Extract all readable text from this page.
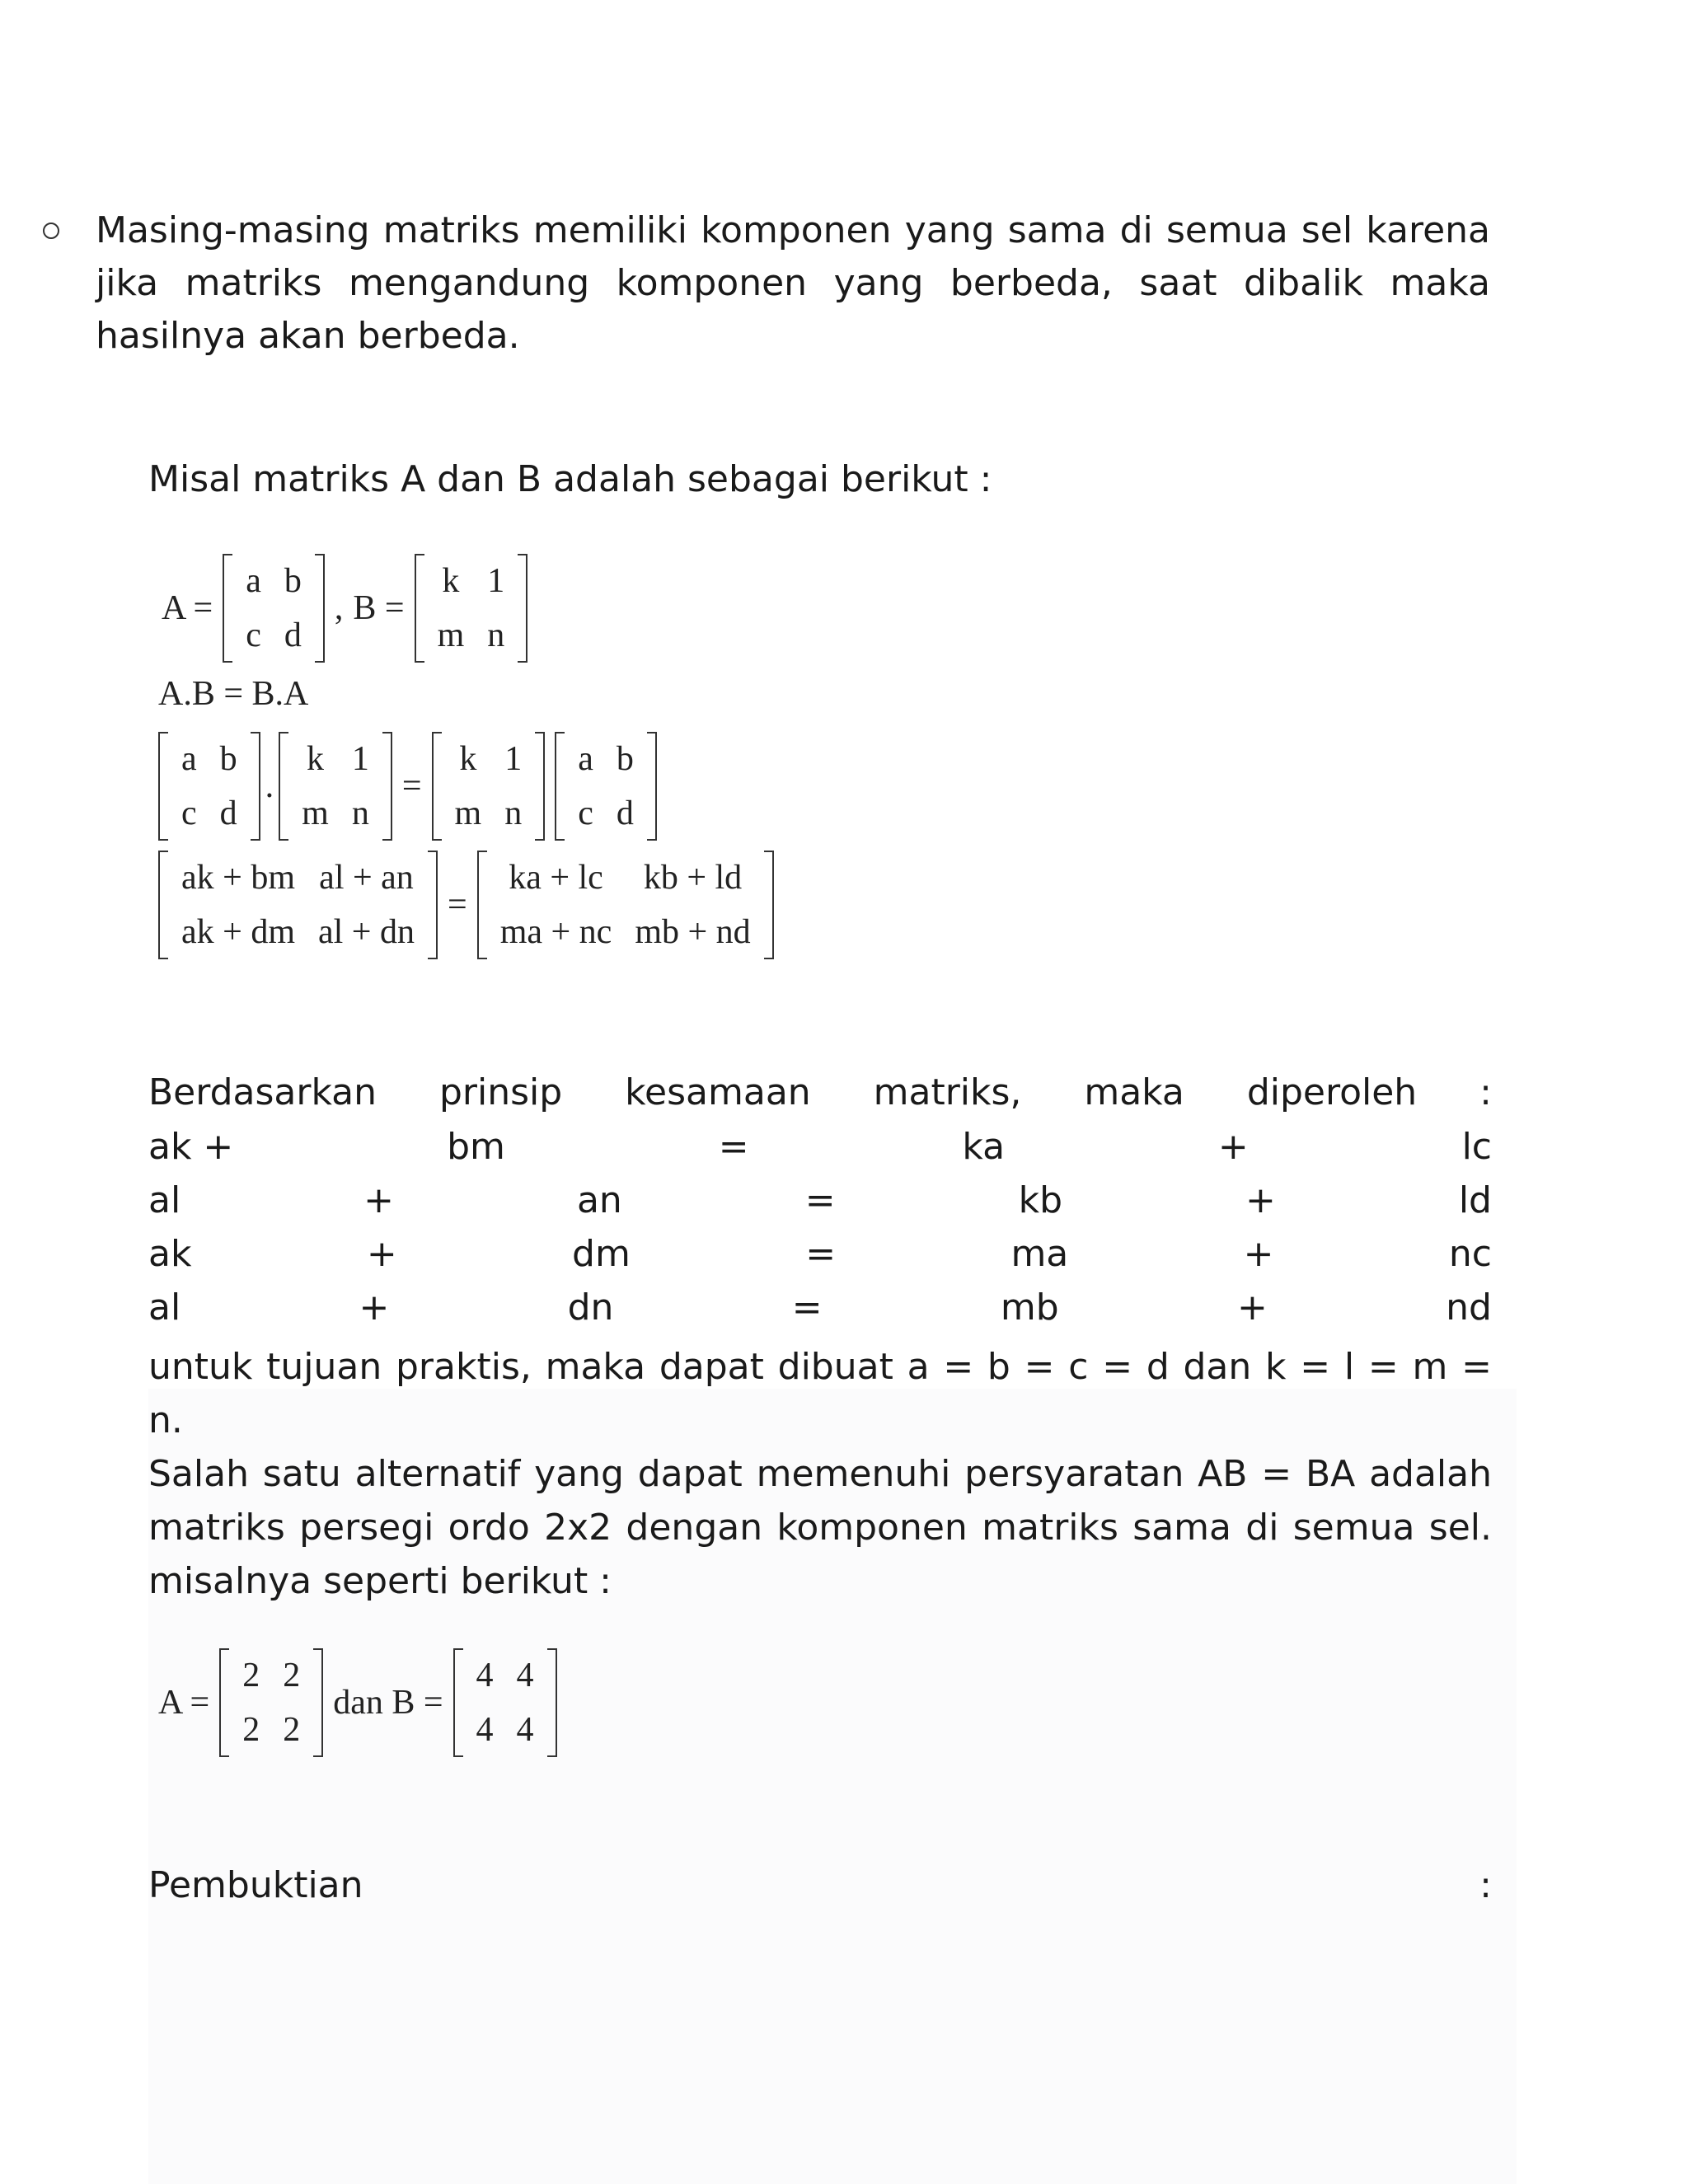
Masing-masing matriks memiliki komponen yang sama di semua sel karena jika matriks mengandung komponen yang berbeda, saat dibalik maka hasilnya akan berbeda.
Misal matriks A dan B adalah sebagai berikut :
A =
a	b
c	d
, B =
k	1
m	n
A.B = B.A
a	b
c	d
.
k	1
m	n
=
k	1
m	n
a	b
c	d
ak + bm	al + an
ak + dm	al + dn
=
ka + lc	kb + ld
ma + nc	mb + nd
Berdasarkan prinsip kesamaan matriks, maka diperoleh :
ak +	bm	=	ka	+	lc
al	+	an	=	kb	+	ld
ak	+	dm	=	ma	+	nc
al	+	dn	=	mb	+	nd
untuk tujuan praktis, maka dapat dibuat a = b = c = d dan k = l = m = n.
Salah satu alternatif yang dapat memenuhi persyaratan AB = BA adalah matriks persegi ordo 2x2 dengan komponen matriks sama di semua sel. misalnya seperti berikut :
A =
2	2
2	2
dan B =
4	4
4	4
Pembuktian	:
